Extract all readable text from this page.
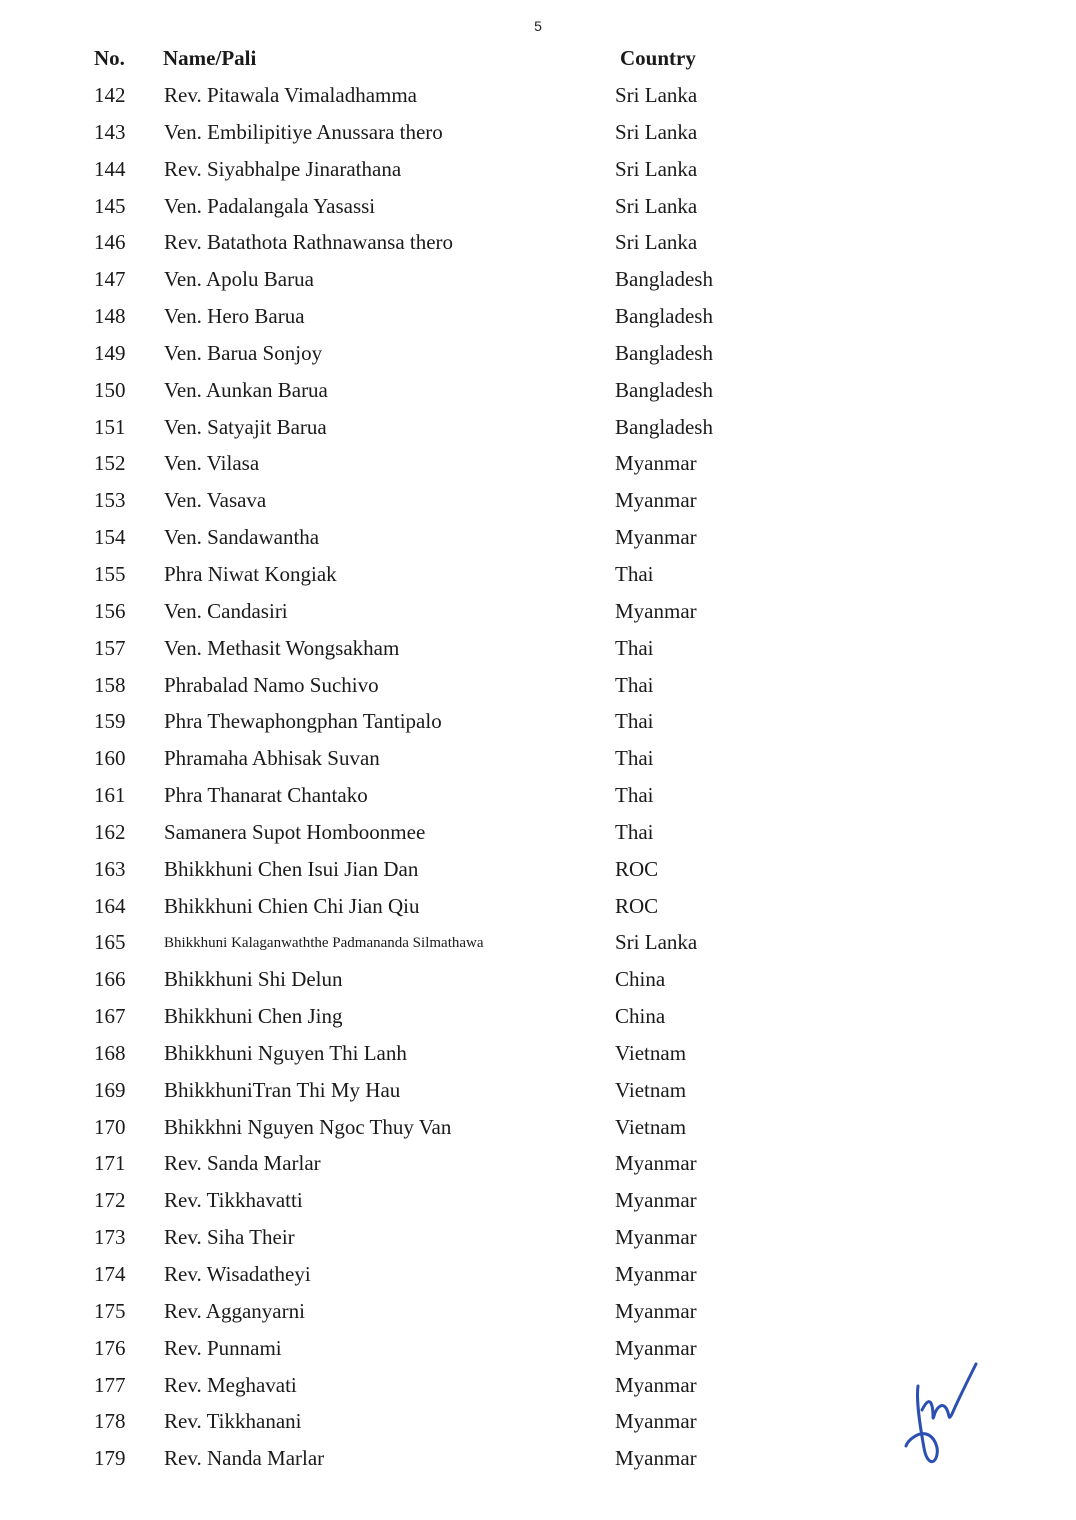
5
No. Name/Pali	Country
142 Rev. Pitawala Vimaladhamma	Sri Lanka
143 Ven. Embilipitiye Anussara thero	Sri Lanka
144 Rev. Siyabhalpe Jinarathana	Sri Lanka
145 Ven. Padalangala Yasassi	Sri Lanka
146 Rev. Batathota Rathnawansa thero	Sri Lanka
147 Ven. Apolu Barua	Bangladesh
148 Ven. Hero Barua	Bangladesh
149 Ven. Barua Sonjoy	Bangladesh
150 Ven. Aunkan Barua	Bangladesh
151 Ven. Satyajit Barua	Bangladesh
152 Ven. Vilasa	Myanmar
153 Ven. Vasava	Myanmar
154 Ven. Sandawantha	Myanmar
155 Phra Niwat Kongiak	Thai
156 Ven. Candasiri	Myanmar
157 Ven. Methasit Wongsakham	Thai
158 Phrabalad Namo Suchivo	Thai
159 Phra Thewaphongphan Tantipalo	Thai
160 Phramaha Abhisak Suvan	Thai
161 Phra Thanarat Chantako	Thai
162 Samanera Supot Homboonmee	Thai
163 Bhikkhuni Chen Isui Jian Dan	ROC
164 Bhikkhuni Chien Chi Jian Qiu	ROC
165	Bhikkhuni Kalaganwaththe Padmananda Silmathawa	Sri Lanka
166 Bhikkhuni Shi Delun	China
167 Bhikkhuni Chen Jing	China
168 Bhikkhuni Nguyen Thi Lanh	Vietnam
169 BhikkhuniTran Thi My Hau	Vietnam
170 Bhikkhni Nguyen Ngoc Thuy Van	Vietnam
171 Rev. Sanda Marlar	Myanmar
172 Rev. Tikkhavatti	Myanmar
173 Rev. Siha Their	Myanmar
174 Rev. Wisadatheyi	Myanmar
175 Rev. Agganyarni	Myanmar
176 Rev. Punnami	Myanmar
177 Rev. Meghavati	Myanmar
178 Rev. Tikkhanani	Myanmar
179 Rev. Nanda Marlar	Myanmar
